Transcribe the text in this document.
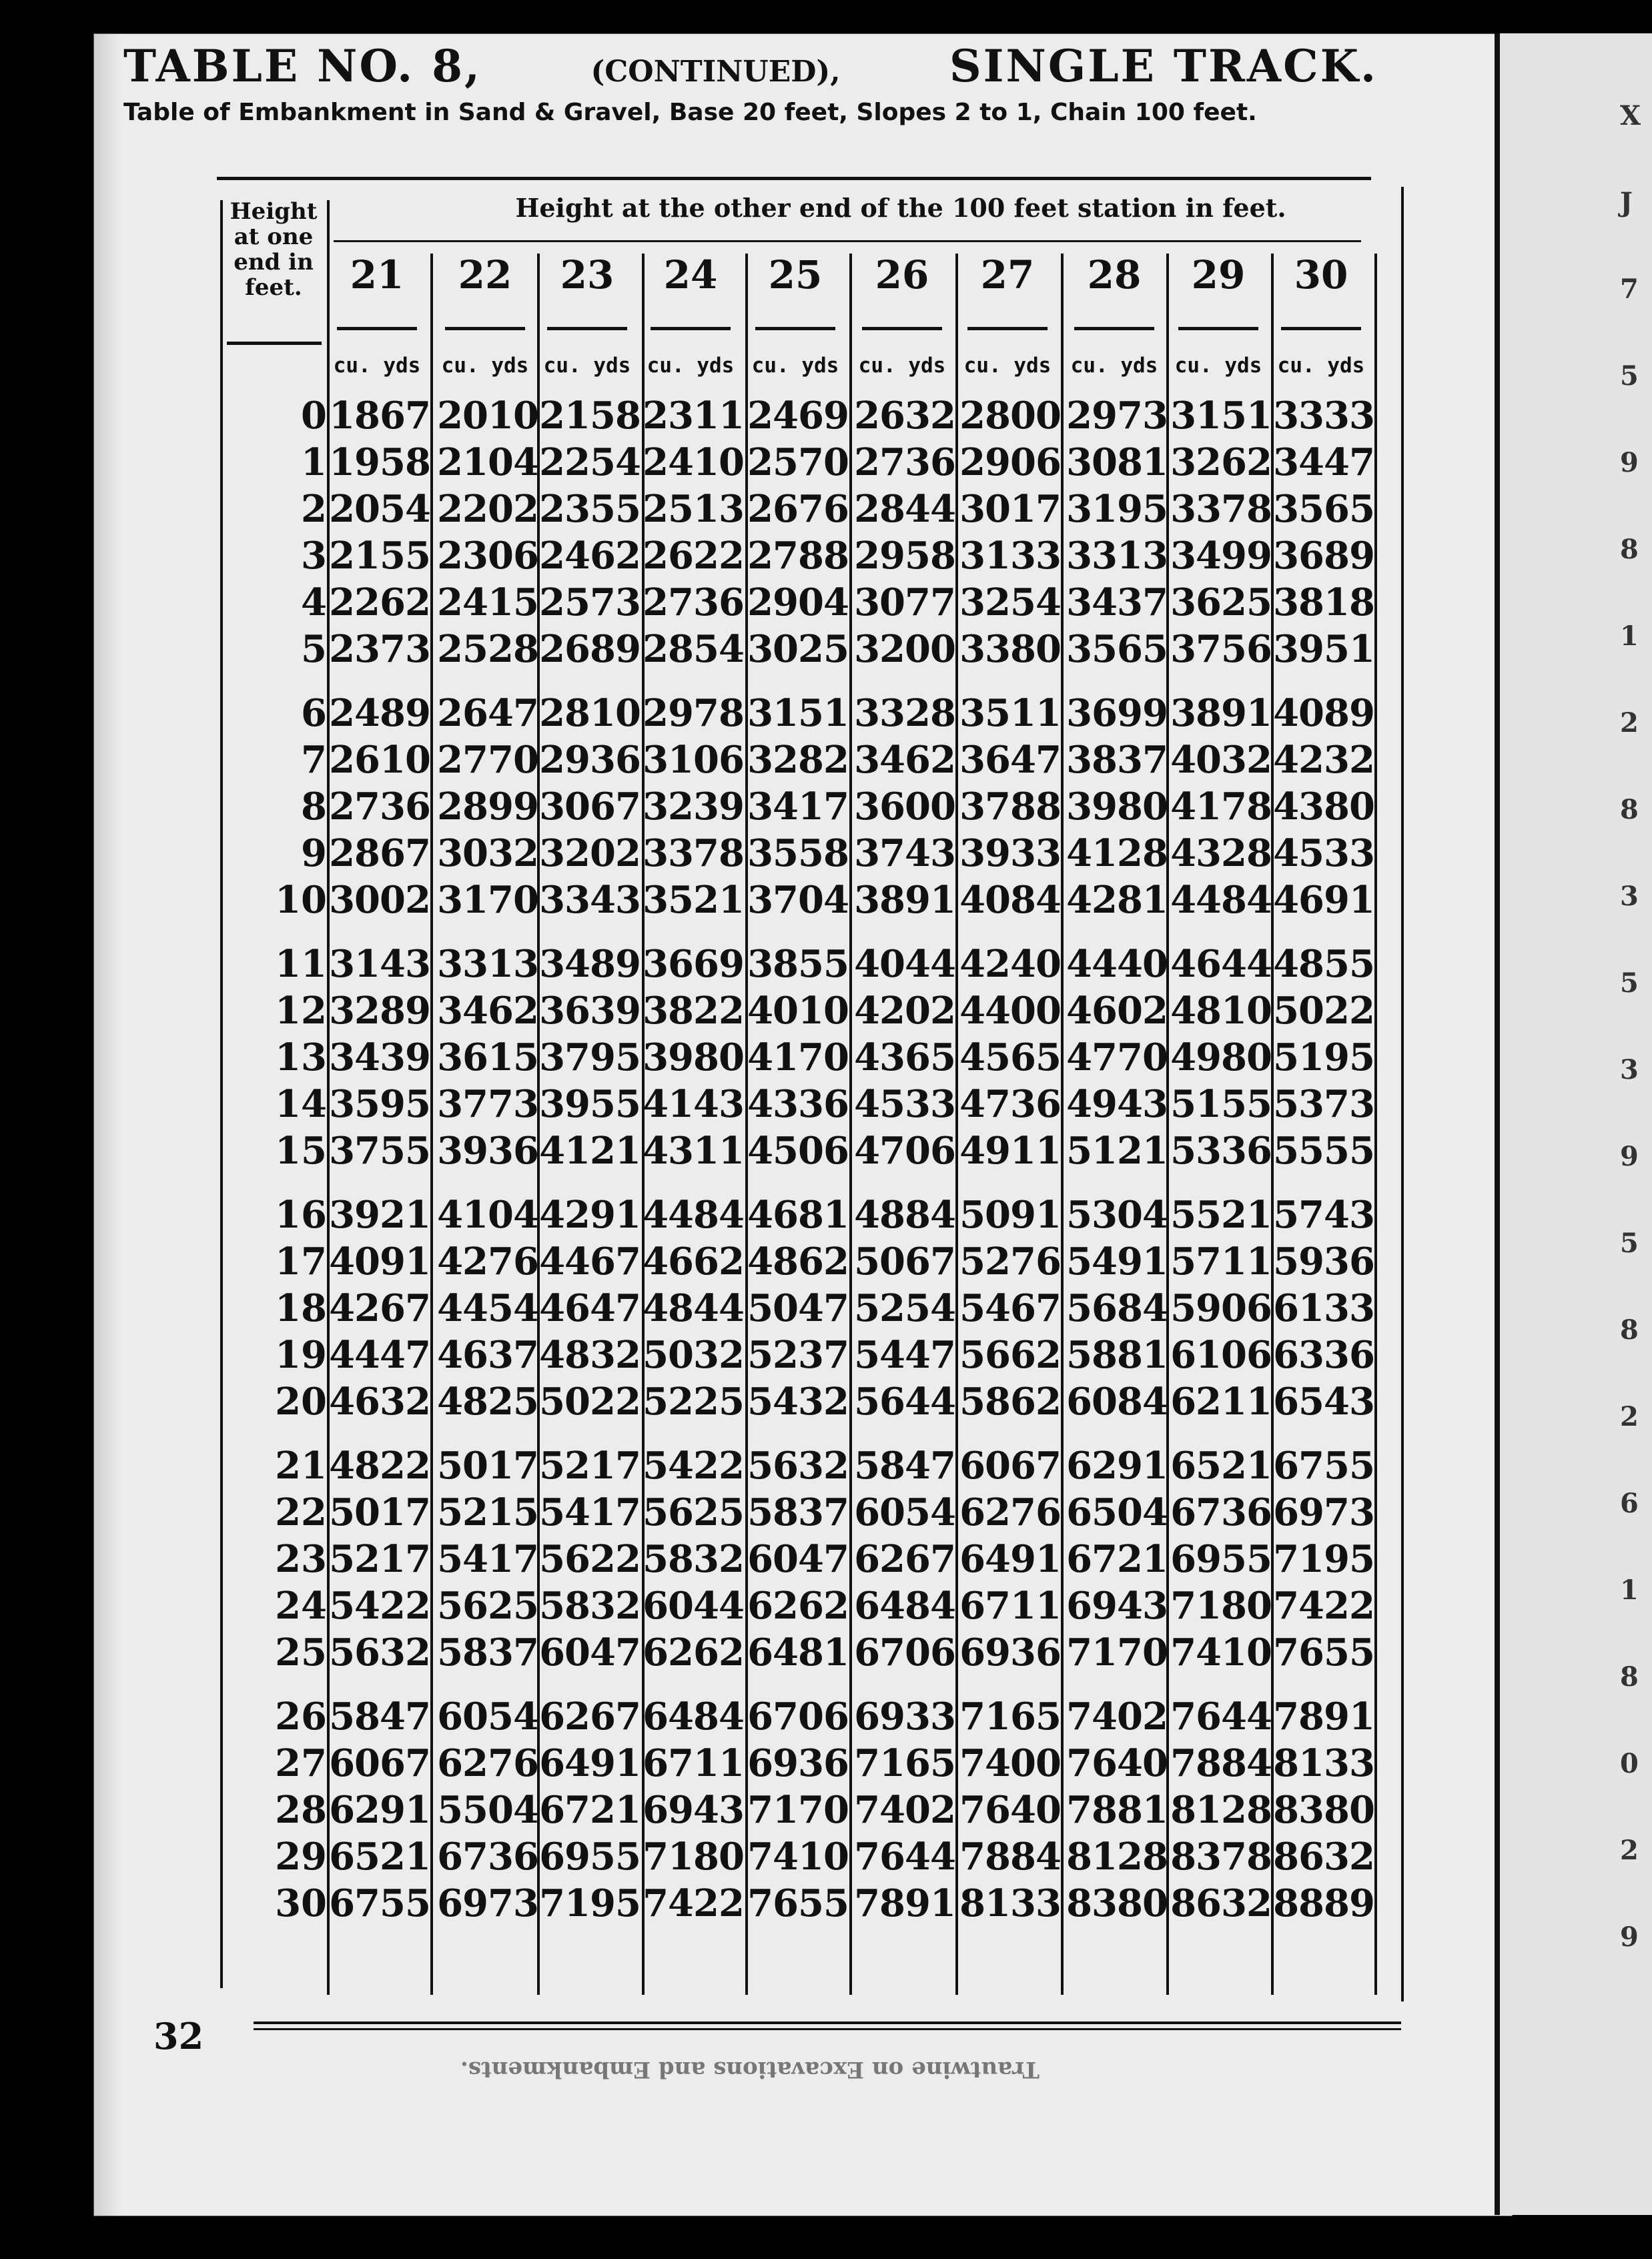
X
J
7
5
9
8
1
2
8
3
5
3
9
5
8
2
6
1
8
0
2
9
TABLE NO. 8,	(CONTINUED), SINGLE TRACK.
Table of Embankment in Sand & Gravel, Base 20 feet, Slopes 2 to 1, Chain 100 feet.
Height at one end in feet.
Height at the other end of the 100 feet station in feet.
21
cu. yds
22
cu. yds
23
cu. yds
24
cu. yds
25
cu. yds
26
cu. yds
27
cu. yds
28
cu. yds
29
cu. yds
30
cu. yds
0 1867 2010 2158 2311 2469 2632 2800 2973 3151 3333
1 1958 2104 2254 2410 2570 2736 2906 3081 3262 3447
2 2054 2202 2355 2513 2676 2844 3017 3195 3378 3565
3 2155 2306 2462 2622 2788 2958 3133 3313 3499 3689
4 2262 2415 2573 2736 2904 3077 3254 3437 3625 3818
5 2373 2528 2689 2854 3025 3200 3380 3565 3756 3951
6 2489 2647 2810 2978 3151 3328 3511 3699 3891 4089
7 2610 2770 2936 3106 3282 3462 3647 3837 4032 4232
8 2736 2899 3067 3239 3417 3600 3788 3980 4178 4380
9 2867 3032 3202 3378 3558 3743 3933 4128 4328 4533
10 3002 3170 3343 3521 3704 3891 4084 4281 4484 4691
11 3143 3313 3489 3669 3855 4044 4240 4440 4644 4855
12 3289 3462 3639 3822 4010 4202 4400 4602 4810 5022
13 3439 3615 3795 3980 4170 4365 4565 4770 4980 5195
14 3595 3773 3955 4143 4336 4533 4736 4943 5155 5373
15 3755 3936 4121 4311 4506 4706 4911 5121 5336 5555
16 3921 4104 4291 4484 4681 4884 5091 5304 5521 5743
17 4091 4276 4467 4662 4862 5067 5276 5491 5711 5936
18 4267 4454 4647 4844 5047 5254 5467 5684 5906 6133
19 4447 4637 4832 5032 5237 5447 5662 5881 6106 6336
20 4632 4825 5022 5225 5432 5644 5862 6084 6211 6543
21 4822 5017 5217 5422 5632 5847 6067 6291 6521 6755
22 5017 5215 5417 5625 5837 6054 6276 6504 6736 6973
23 5217 5417 5622 5832 6047 6267 6491 6721 6955 7195
24 5422 5625 5832 6044 6262 6484 6711 6943 7180 7422
25 5632 5837 6047 6262 6481 6706 6936 7170 7410 7655
26 5847 6054 6267 6484 6706 6933 7165 7402 7644 7891
27 6067 6276 6491 6711 6936 7165 7400 7640 7884 8133
28 6291 5504 6721 6943 7170 7402 7640 7881 8128 8380
29 6521 6736 6955 7180 7410 7644 7884 8128 8378 8632
30 6755 6973 7195 7422 7655 7891 8133 8380 8632 8889
32
Trautwine on Excavations and Embankments.
